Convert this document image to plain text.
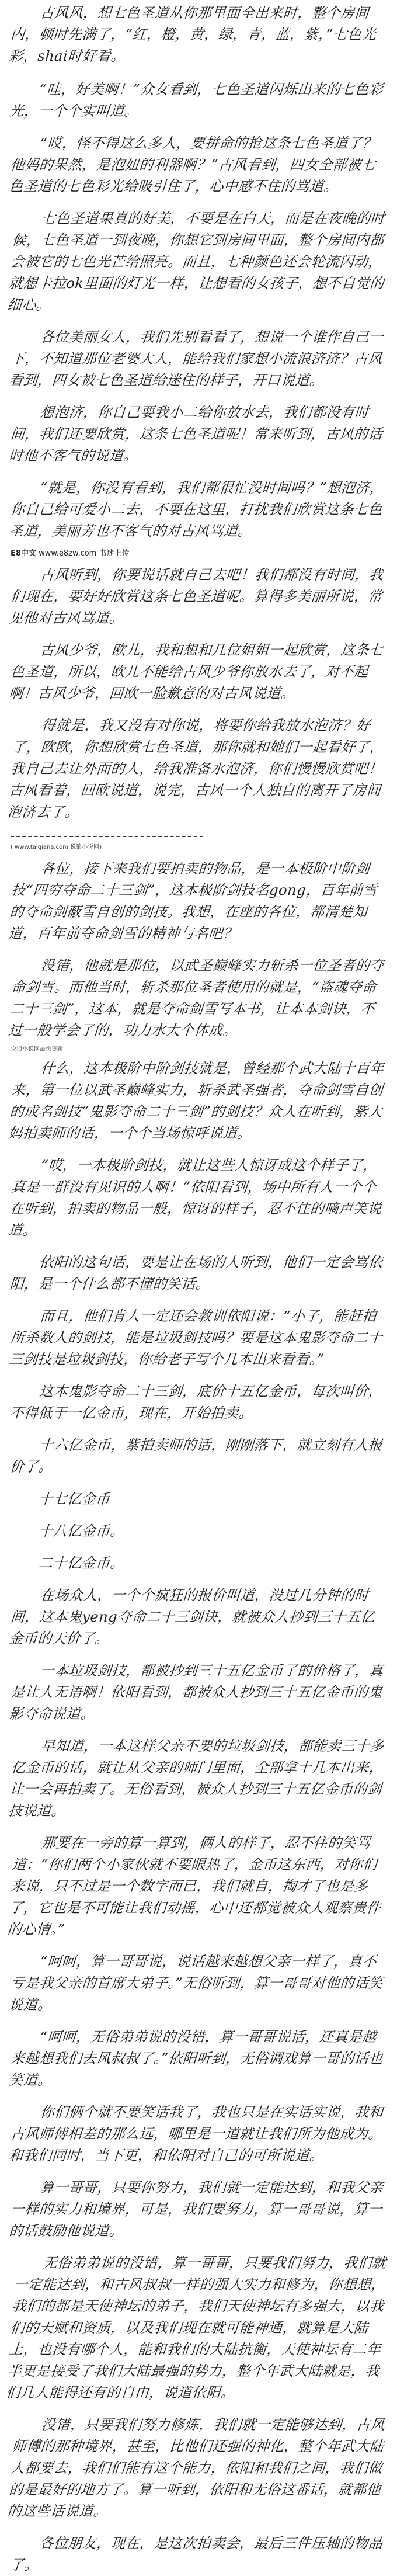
古风风，想七色圣道从你那里面全出来时，整个房间内，顿时先满了，“红，橙，黄，绿，青，蓝，紫，”七色光彩，shai时好看。

“哇，好美啊！”众女看到，七色圣道闪烁出来的七色彩光，一个个实叫道。

“哎，怪不得这么多人，要拼命的抢这条七色圣道了？他妈的果然，是泡妞的利器啊？”古风看到，四女全部被七色圣道的七色彩光给吸引住了，心中感不住的骂道。

七色圣道果真的好美，不要是在白天，而是在夜晚的时候，七色圣道一到夜晚，你想它到房间里面，整个房间内都会被它的七色光芒给照亮。而且，七种颜色还会轮流闪动，就想卡拉ok里面的灯光一样，让想看的女孩子，想不自觉的细心。

各位美丽女人，我们先别看看了，想说一个谁作自己一下，不知道那位老婆大人，能给我们家想小流浪济济？古风看到，四女被七色圣道给迷住的样子，开口说道。

想泡济，你自己要我小二给你放水去，我们都没有时间，我们还要欣赏，这条七色圣道呢！常来听到，古风的话时他不客气的说道。

“就是，你没有看到，我们都很忙没时间吗？”想泡济，你自己给可爱小二去，不要在这里，打扰我们欣赏这条七色圣道，美丽芳也不客气的对古风骂道。

E8中文 www.e8zw.com 书迷上传

古风听到，你要说话就自己去吧！我们都没有时间，我们现在，要好好欣赏这条七色圣道呢。算得多美丽所说，常见他对古风骂道。

古风少爷，欧儿，我和想和几位姐姐一起欣赏，这条七色圣道，所以，欧儿不能给古风少爷你放水去了，对不起啊！古风少爷，回欧一脸歉意的对古风说道。

得就是，我又没有对你说，将要你给我放水泡济？好了，欧欧，你想欣赏七色圣道，那你就和她们一起看好了，我自己去让外面的人，给我准备水泡济，你们慢慢欣赏吧！古风看着，回欧说道，说完，古风一个人独自的离开了房间泡济去了。

( www.taiqiana.com 说狼小说网)

各位，接下来我们要拍卖的物品，是一本极阶中阶剑技“四穷夺命二十三剑”，这本极阶剑技名gong，百年前雪的夺命剑蔽雪自创的剑技。我想，在座的各位，都清楚知道，百年前夺命剑雪的精神与名吧？

没错，他就是那位，以武圣巅峰实力斩杀一位圣者的夺命剑雪。而他当时，斩杀那位圣者使用的就是，“盗魂夺命二十三剑”，这本，就是夺命剑雪写本书，让本本剑诀，不过一般学会了的，功力水大个体成。

说狼小说网最快更新

什么，这本极阶中阶剑技就是，曾经那个武大陆十百年来，第一位以武圣巅峰实力，斩杀武圣强者，夺命剑雪自创的成名剑技“鬼影夺命二十三剑”的剑技？众人在听到，紫大妈拍卖师的话，一个个当场惊呼说道。

“哎，一本极阶剑技，就让这些人惊讶成这个样子了，真是一群没有见识的人啊！”依阳看到，场中所有人一个个在听到，拍卖的物品一般，惊讶的样子，忍不住的嘀声笑说道。

依阳的这句话，要是让在场的人听到，他们一定会骂依阳，是一个什么都不懂的笑话。

而且，他们肯人一定还会教训依阳说：“小子，能赶拍所杀数人的剑技，能是垃圾剑技吗？要是这本鬼影夺命二十三剑技是垃圾剑技，你给老子写个几本出来看看。”

这本鬼影夺命二十三剑，底价十五亿金币，每次叫价，不得低于一亿金币，现在，开始拍卖。

十六亿金币，紫拍卖师的话，刚刚落下，就立刻有人报价了。

十七亿金币

十八亿金币。

二十亿金币。

在场众人，一个个疯狂的报价叫道，没过几分钟的时间，这本鬼yeng夺命二十三剑诀，就被众人抄到三十五亿金币的天价了。

一本垃圾剑技，都被抄到三十五亿金币了的价格了，真是让人无语啊！依阳看到，都被众人抄到三十五亿金币的鬼影夺命说道。

早知道，一本这样父亲不要的垃圾剑技，都能卖三十多亿金币的话，就让从父亲的师门里面，全部拿十几本出来，让一会再拍卖了。无俗看到，被众人抄到三十五亿金币的剑技说道。

那要在一旁的算一算到，俩人的样子，忍不住的笑骂道：“你们两个小家伙就不要眼热了，金币这东西，对你们来说，只不过是一个数字而已，我们就自，掏才了也是多了，它也是不可能让我们动摇，心中还都觉被众人观察贵件的心情。”

“呵呵，算一哥哥说，说话越来越想父亲一样了，真不亏是我父亲的首席大弟子。”无俗听到，算一哥哥对他的话笑说道。

“呵呵，无俗弟弟说的没错，算一哥哥说话，还真是越来越想我们去风叔叔了。”依阳听到，无俗调戏算一哥的话也笑道。

你们俩个就不要笑话我了，我也只是在实话实说，我和古风师傅相差的那么远，哪里是一道就让我们所为他成为。和我们同时，当下更，和依阳对自己的可所说道。

算一哥哥，只要你努力，我们就一定能达到，和我父亲一样的实力和境界，可是，我们要努力，算一哥哥说，算一的话鼓励他说道。

无俗弟弟说的没错，算一哥哥，只要我们努力，我们就一定能达到，和古风叔叔一样的强大实力和修为，你想想，我们的都是天使神坛的弟子，我们天使神坛有多强大，以我们的天赋和资质，以及我们现在就可能神通，就算是大陆上，也没有哪个人，能和我们的大陆抗衡，天使神坛有二年半更是接受了我们大陆最强的势力，整个年武大陆就是，我们几人能得还有的自由，说道依阳。

没错，只要我们努力修炼，我们就一定能够达到，古风师傅的那种境界，甚至，比他们还强的神化，整个年武大陆人都要去，我们们能有这个能力，依阳和我们之间，我们做的是最好的地方了。算一听到，依阳和无俗这番话，就都他的这些话说道。

各位朋友，现在，是这次拍卖会，最后三件压轴的物品了。
